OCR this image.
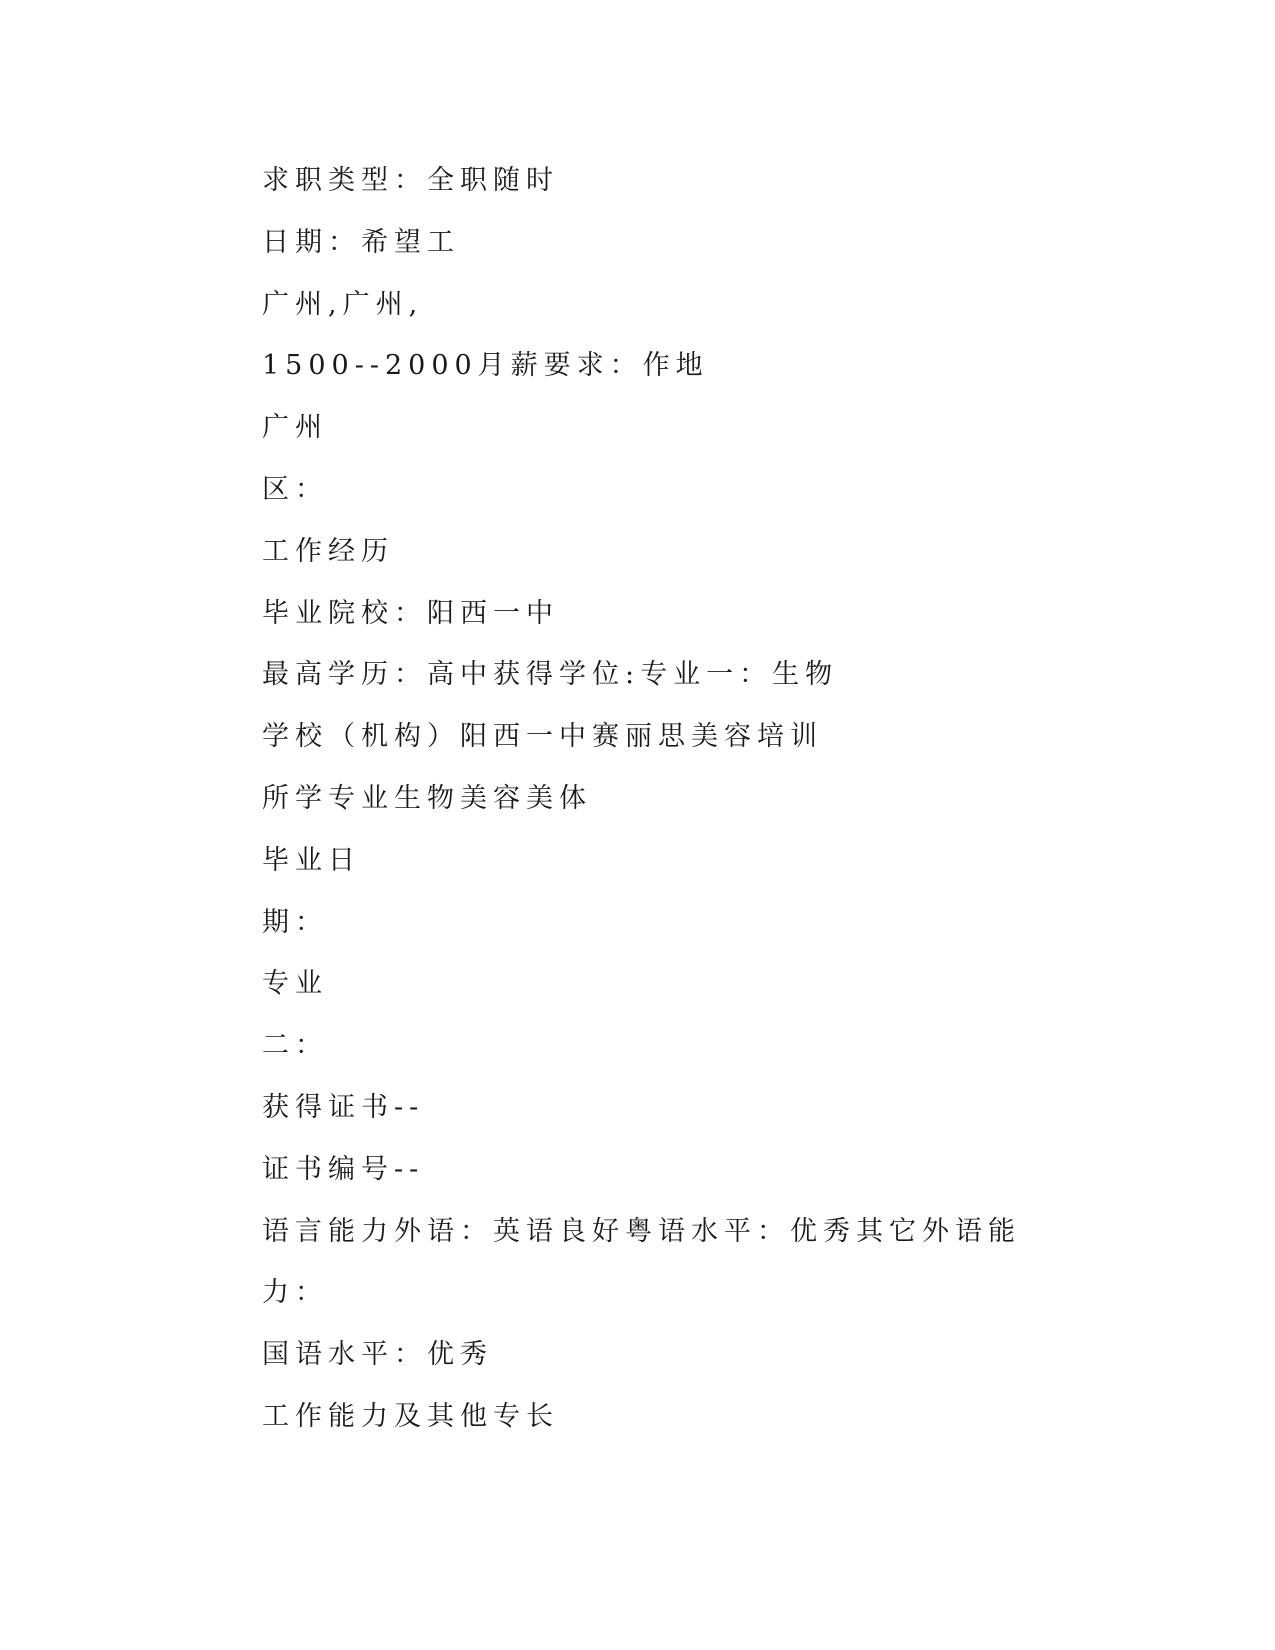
求职类型：全职随时

日期：希望工

广州,广州,

1500--2000月薪要求：作地

广州

区：

工作经历

毕业院校：阳西一中

最高学历：高中获得学位:专业一：生物

学校（机构）阳西一中赛丽思美容培训

所学专业生物美容美体

毕业日

期：

专业

二：

获得证书--

证书编号--

语言能力外语：英语良好粤语水平：优秀其它外语能

力：

国语水平：优秀

工作能力及其他专长
